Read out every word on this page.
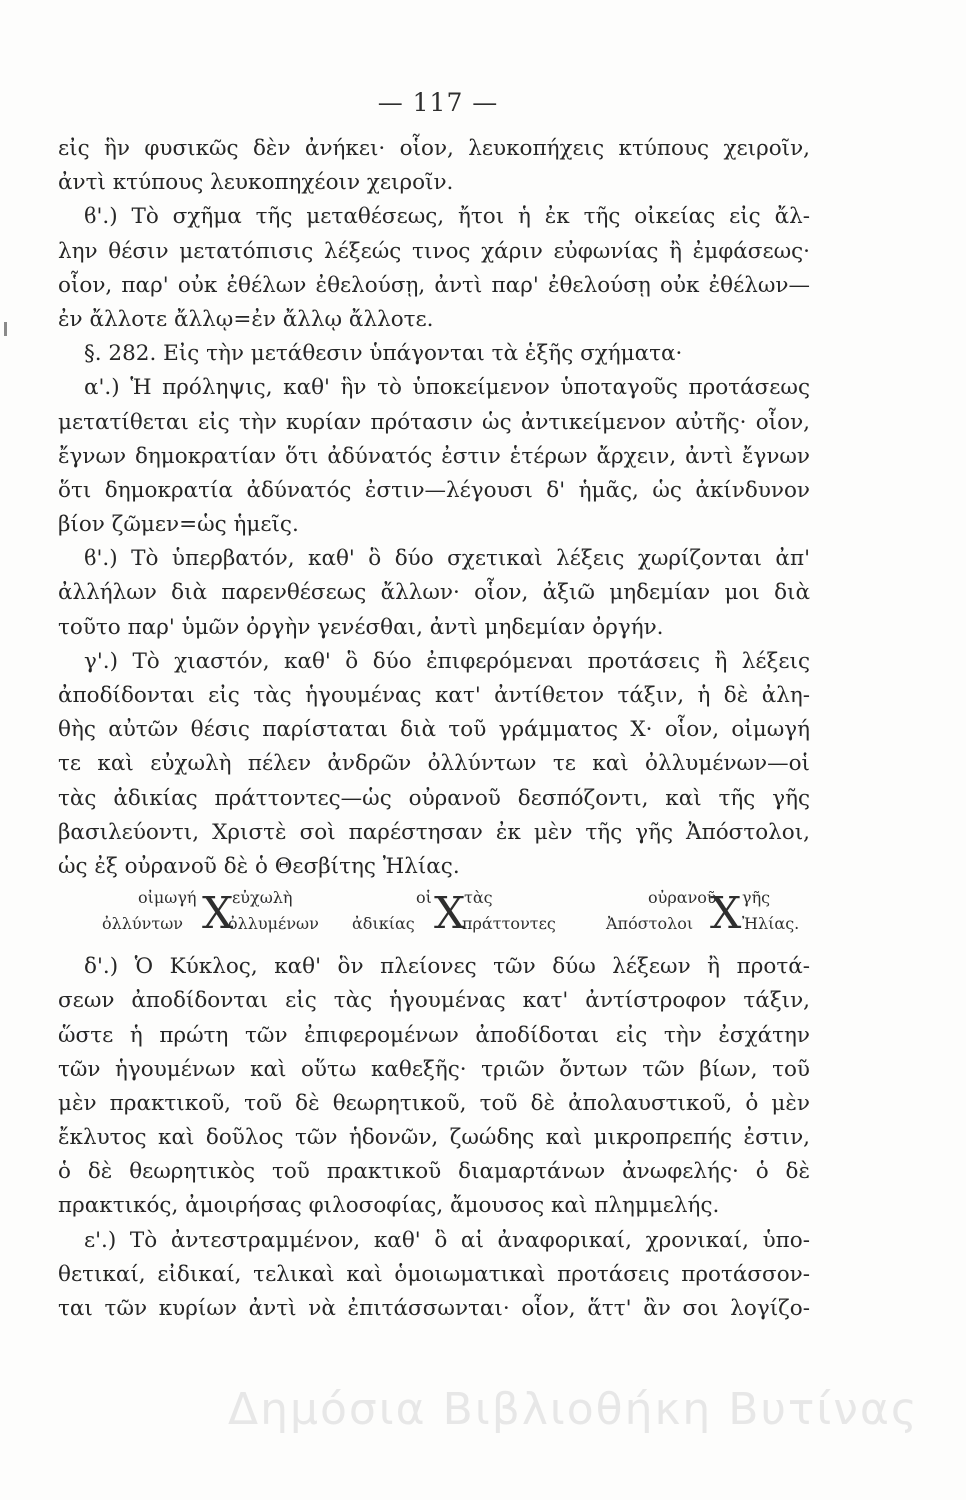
— 117 —
εἰς ἣν φυσικῶς δὲν ἀνήκει· οἷον, λευκοπήχεις κτύπους χειροῖν,
ἀντὶ κτύπους λευκοπηχέοιν χειροῖν.
ϐ'.) Τὸ σχῆμα τῆς μεταθέσεως, ἤτοι ἡ ἐκ τῆς οἰκείας εἰς ἄλ-
λην θέσιν μετατόπισις λέξεώς τινος χάριν εὐφωνίας ἢ ἐμφάσεως·
οἷον, παρ' οὐκ ἐθέλων ἐθελούσῃ, ἀντὶ παρ' ἐθελούσῃ οὐκ ἐθέλων—
ἐν ἄλλοτε ἄλλῳ=ἐν ἄλλῳ ἄλλοτε.
§. 282. Εἰς τὴν μετάθεσιν ὑπάγονται τὰ ἑξῆς σχήματα·
α'.) Ἡ πρόληψις, καθ' ἣν τὸ ὑποκείμενον ὑποταγοῦς προτάσεως
μετατίθεται εἰς τὴν κυρίαν πρότασιν ὡς ἀντικείμενον αὐτῆς· οἷον,
ἔγνων δημοκρατίαν ὅτι ἀδύνατός ἐστιν ἑτέρων ἄρχειν, ἀντὶ ἔγνων
ὅτι δημοκρατία ἀδύνατός ἐστιν—λέγουσι δ' ἡμᾶς, ὡς ἀκίνδυνον
βίον ζῶμεν=ὡς ἡμεῖς.
ϐ'.) Τὸ ὑπερβατόν, καθ' ὃ δύο σχετικαὶ λέξεις χωρίζονται ἀπ'
ἀλλήλων διὰ παρενθέσεως ἄλλων· οἷον, ἀξιῶ μηδεμίαν μοι διὰ
τοῦτο παρ' ὑμῶν ὀργὴν γενέσθαι, ἀντὶ μηδεμίαν ὀργήν.
γ'.) Τὸ χιαστόν, καθ' ὃ δύο ἐπιφερόμεναι προτάσεις ἢ λέξεις
ἀποδίδονται εἰς τὰς ἡγουμένας κατ' ἀντίθετον τάξιν, ἡ δὲ ἀλη-
θὴς αὐτῶν θέσις παρίσταται διὰ τοῦ γράμματος Χ· οἷον, οἰμωγή
τε καὶ εὐχωλὴ πέλεν ἀνδρῶν ὀλλύντων τε καὶ ὀλλυμένων—οἱ
τὰς ἀδικίας πράττοντες—ὡς οὐρανοῦ δεσπόζοντι, καὶ τῆς γῆς
βασιλεύοντι, Χριστὲ σοὶ παρέστησαν ἐκ μὲν τῆς γῆς Ἀπόστολοι,
ὡς ἐξ οὐρανοῦ δὲ ὁ Θεσβίτης Ἠλίας.
οἰμωγή X
εὐχωλὴ
ὀλλύντων	ὀλλυμένων
οἱ X
τὰς
ἀδικίας	πράττοντες
οὐρανοῦ
X γῆς
Ἀπόστολοι	Ἠλίας.
δ'.) Ὁ Κύκλος, καθ' ὃν πλείονες τῶν δύω λέξεων ἢ προτά-
σεων ἀποδίδονται εἰς τὰς ἡγουμένας κατ' ἀντίστροφον τάξιν,
ὥστε ἡ πρώτη τῶν ἐπιφερομένων ἀποδίδοται εἰς τὴν ἐσχάτην
τῶν ἡγουμένων καὶ οὕτω καθεξῆς· τριῶν ὄντων τῶν βίων, τοῦ
μὲν πρακτικοῦ, τοῦ δὲ θεωρητικοῦ, τοῦ δὲ ἀπολαυστικοῦ, ὁ μὲν
ἔκλυτος καὶ δοῦλος τῶν ἡδονῶν, ζωώδης καὶ μικροπρεπής ἐστιν,
ὁ δὲ θεωρητικὸς τοῦ πρακτικοῦ διαμαρτάνων ἀνωφελής· ὁ δὲ
πρακτικός, ἀμοιρήσας φιλοσοφίας, ἄμουσος καὶ πλημμελής.
ε'.) Τὸ ἀντεστραμμένον, καθ' ὃ αἱ ἀναφορικαί, χρονικαί, ὑπο-
θετικαί, εἰδικαί, τελικαὶ καὶ ὁμοιωματικαὶ προτάσεις προτάσσον-
ται τῶν κυρίων ἀντὶ νὰ ἐπιτάσσωνται· οἷον, ἅττ' ἂν σοι λογίζο-
Δημόσια Βιβλιοθήκη Βυτίνας
